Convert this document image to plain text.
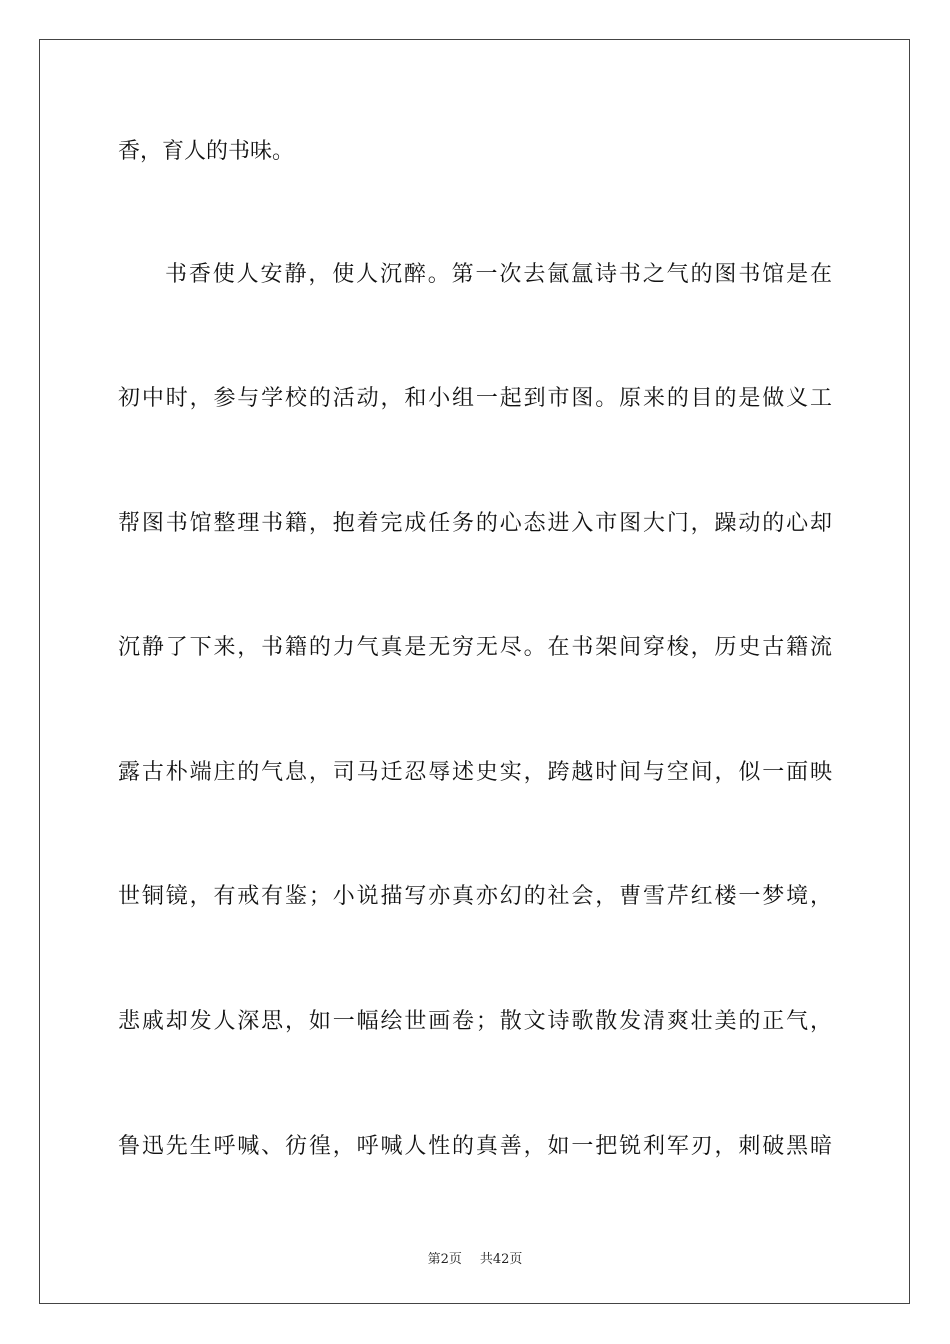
香，育人的书味。
书香使人安静，使人沉醉。第一次去氤氲诗书之气的图书馆是在
初中时，参与学校的活动，和小组一起到市图。原来的目的是做义工
帮图书馆整理书籍，抱着完成任务的心态进入市图大门，躁动的心却
沉静了下来，书籍的力气真是无穷无尽。在书架间穿梭，历史古籍流
露古朴端庄的气息，司马迁忍辱述史实，跨越时间与空间，似一面映
世铜镜，有戒有鉴；小说描写亦真亦幻的社会，曹雪芹红楼一梦境，
悲戚却发人深思，如一幅绘世画卷；散文诗歌散发清爽壮美的正气，
鲁迅先生呼喊、彷徨，呼喊人性的真善，如一把锐利军刃，刺破黑暗
第2页 共42页
